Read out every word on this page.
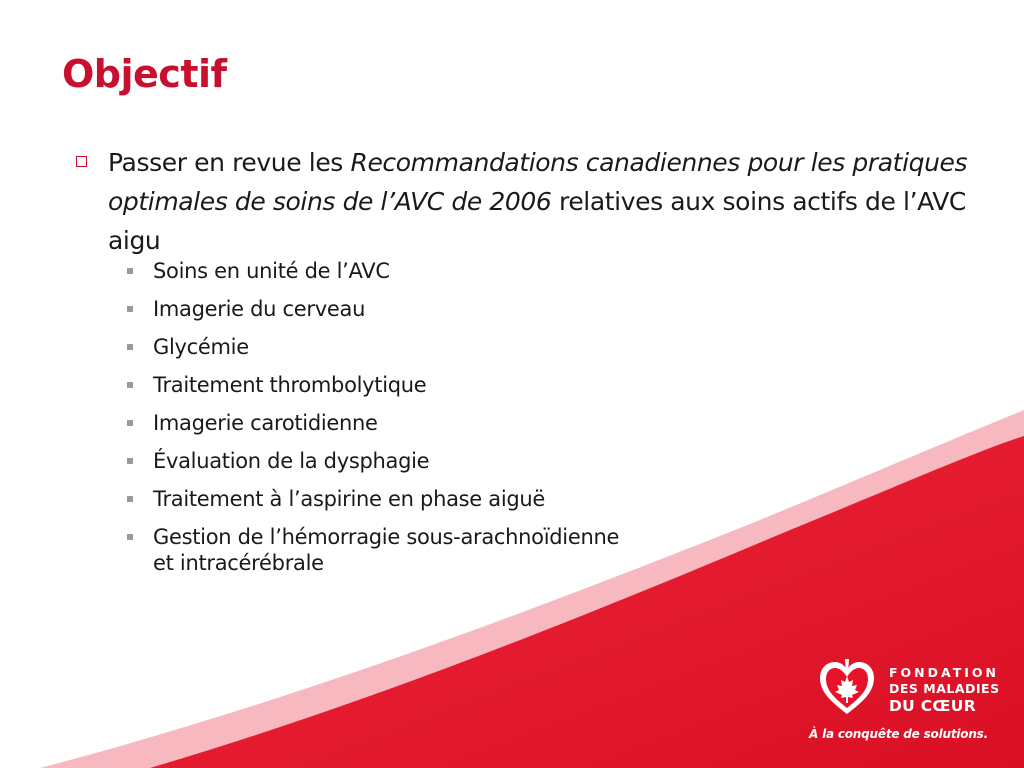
Objectif
Passer en revue les Recommandations canadiennes pour les pratiques optimales de soins de l’AVC de 2006 relatives aux soins actifs de l’AVC aigu
Soins en unité de l’AVC
Imagerie du cerveau
Glycémie
Traitement thrombolytique
Imagerie carotidienne
Évaluation de la dysphagie
Traitement à l’aspirine en phase aiguë
Gestion de l’hémorragie sous-arachnoïdienne
et intracérébrale
FONDATION
DES MALADIES
DU CŒUR
À la conquête de solutions.
